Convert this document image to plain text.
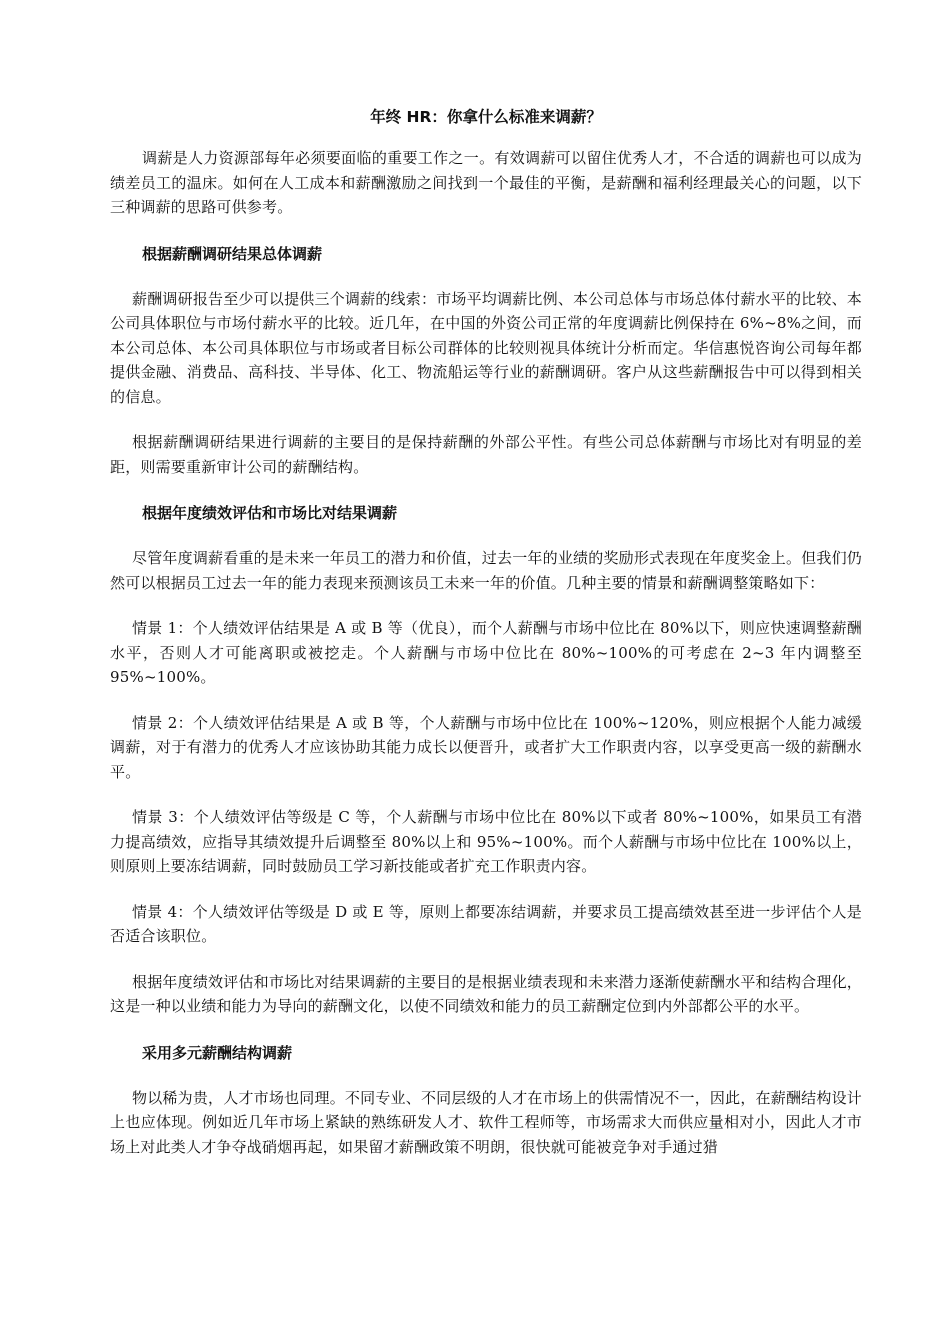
年终 HR：你拿什么标准来调薪？

调薪是人力资源部每年必须要面临的重要工作之一。有效调薪可以留住优秀人才，不合适的调薪也可以成为绩差员工的温床。如何在人工成本和薪酬激励之间找到一个最佳的平衡，是薪酬和福利经理最关心的问题，以下三种调薪的思路可供参考。

根据薪酬调研结果总体调薪

薪酬调研报告至少可以提供三个调薪的线索：市场平均调薪比例、本公司总体与市场总体付薪水平的比较、本公司具体职位与市场付薪水平的比较。近几年，在中国的外资公司正常的年度调薪比例保持在 6%~8%之间，而本公司总体、本公司具体职位与市场或者目标公司群体的比较则视具体统计分析而定。华信惠悦咨询公司每年都提供金融、消费品、高科技、半导体、化工、物流船运等行业的薪酬调研。客户从这些薪酬报告中可以得到相关的信息。

根据薪酬调研结果进行调薪的主要目的是保持薪酬的外部公平性。有些公司总体薪酬与市场比对有明显的差距，则需要重新审计公司的薪酬结构。

根据年度绩效评估和市场比对结果调薪

尽管年度调薪看重的是未来一年员工的潜力和价值，过去一年的业绩的奖励形式表现在年度奖金上。但我们仍然可以根据员工过去一年的能力表现来预测该员工未来一年的价值。几种主要的情景和薪酬调整策略如下：

情景 1：个人绩效评估结果是 A 或 B 等（优良），而个人薪酬与市场中位比在 80%以下，则应快速调整薪酬水平，否则人才可能离职或被挖走。个人薪酬与市场中位比在 80%~100%的可考虑在 2~3 年内调整至 95%~100%。

情景 2：个人绩效评估结果是 A 或 B 等，个人薪酬与市场中位比在 100%~120%，则应根据个人能力减缓调薪，对于有潜力的优秀人才应该协助其能力成长以便晋升，或者扩大工作职责内容，以享受更高一级的薪酬水平。

情景 3：个人绩效评估等级是 C 等，个人薪酬与市场中位比在 80%以下或者 80%~100%，如果员工有潜力提高绩效，应指导其绩效提升后调整至 80%以上和 95%~100%。而个人薪酬与市场中位比在 100%以上，则原则上要冻结调薪，同时鼓励员工学习新技能或者扩充工作职责内容。

情景 4：个人绩效评估等级是 D 或 E 等，原则上都要冻结调薪，并要求员工提高绩效甚至进一步评估个人是否适合该职位。

根据年度绩效评估和市场比对结果调薪的主要目的是根据业绩表现和未来潜力逐渐使薪酬水平和结构合理化，这是一种以业绩和能力为导向的薪酬文化，以使不同绩效和能力的员工薪酬定位到内外部都公平的水平。

采用多元薪酬结构调薪

物以稀为贵，人才市场也同理。不同专业、不同层级的人才在市场上的供需情况不一，因此，在薪酬结构设计上也应体现。例如近几年市场上紧缺的熟练研发人才、软件工程师等，市场需求大而供应量相对小，因此人才市场上对此类人才争夺战硝烟再起，如果留才薪酬政策不明朗，很快就可能被竞争对手通过猎
